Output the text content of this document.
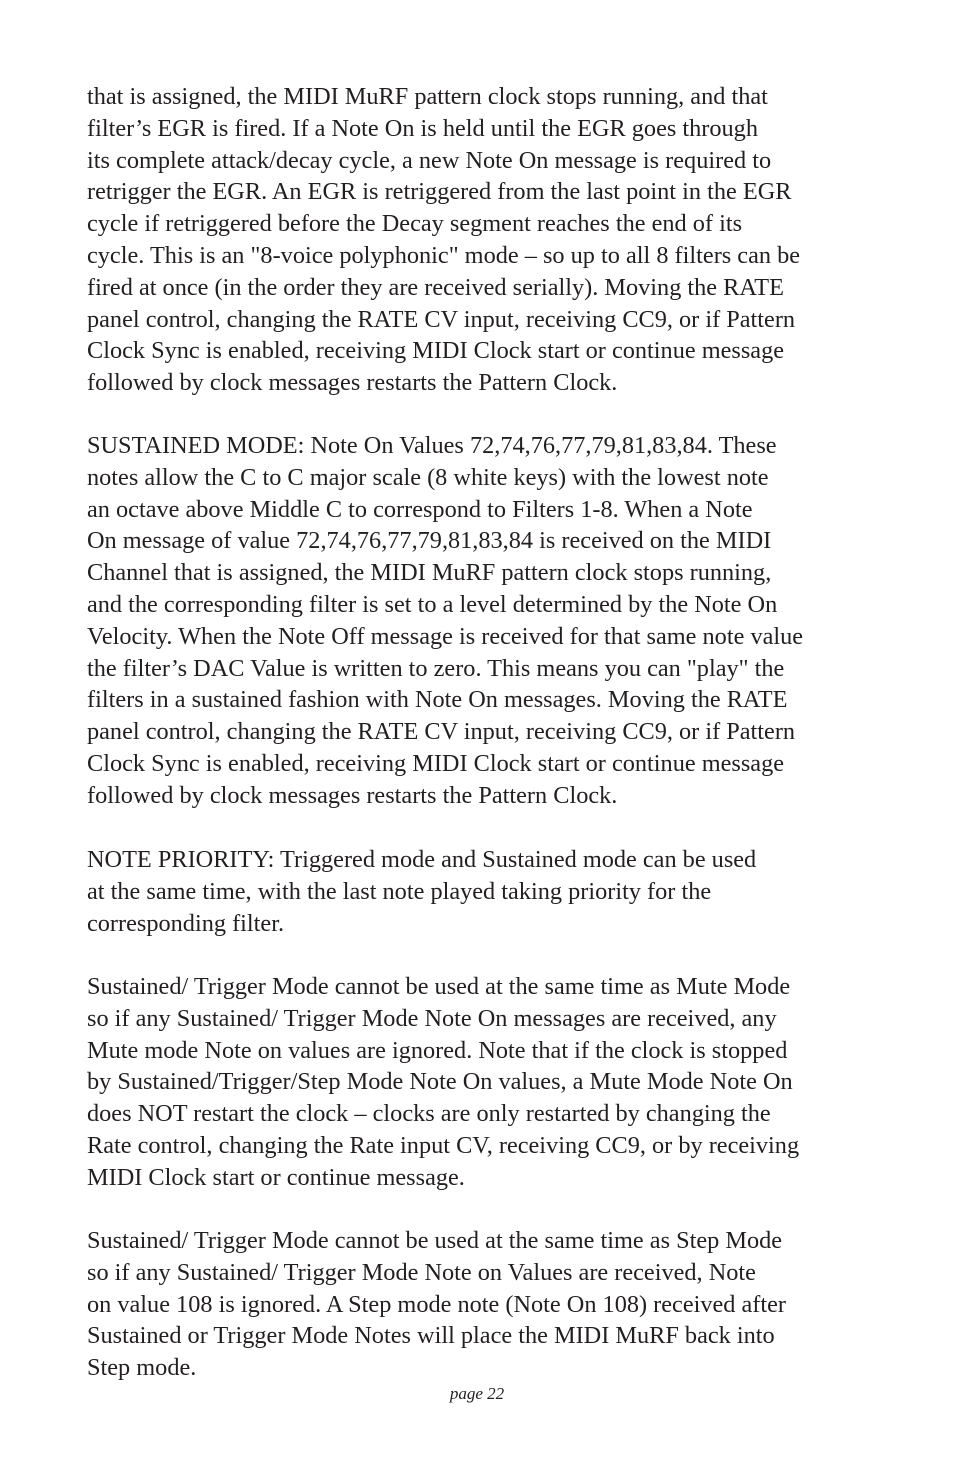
that is assigned, the MIDI MuRF pattern clock stops running, and that
filter’s EGR is fired. If a Note On is held until the EGR goes through
its complete attack/decay cycle, a new Note On message is required to
retrigger the EGR. An EGR is retriggered from the last point in the EGR
cycle if retriggered before the Decay segment reaches the end of its
cycle. This is an "8-voice polyphonic" mode – so up to all 8 filters can be
fired at once (in the order they are received serially). Moving the RATE
panel control, changing the RATE CV input, receiving CC9, or if Pattern
Clock Sync is enabled, receiving MIDI Clock start or continue message
followed by clock messages restarts the Pattern Clock.

SUSTAINED MODE: Note On Values 72,74,76,77,79,81,83,84. These
notes allow the C to C major scale (8 white keys) with the lowest note
an octave above Middle C to correspond to Filters 1-8. When a Note
On message of value 72,74,76,77,79,81,83,84 is received on the MIDI
Channel that is assigned, the MIDI MuRF pattern clock stops running,
and the corresponding filter is set to a level determined by the Note On
Velocity. When the Note Off message is received for that same note value
the filter’s DAC Value is written to zero. This means you can "play" the
filters in a sustained fashion with Note On messages. Moving the RATE
panel control, changing the RATE CV input, receiving CC9, or if Pattern
Clock Sync is enabled, receiving MIDI Clock start or continue message
followed by clock messages restarts the Pattern Clock.

NOTE PRIORITY: Triggered mode and Sustained mode can be used
at the same time, with the last note played taking priority for the
corresponding filter.

Sustained/ Trigger Mode cannot be used at the same time as Mute Mode
so if any Sustained/ Trigger Mode Note On messages are received, any
Mute mode Note on values are ignored. Note that if the clock is stopped
by Sustained/Trigger/Step Mode Note On values, a Mute Mode Note On
does NOT restart the clock – clocks are only restarted by changing the
Rate control, changing the Rate input CV, receiving CC9, or by receiving
MIDI Clock start or continue message.

Sustained/ Trigger Mode cannot be used at the same time as Step Mode
so if any Sustained/ Trigger Mode Note on Values are received, Note
on value 108 is ignored. A Step mode note (Note On 108) received after
Sustained or Trigger Mode Notes will place the MIDI MuRF back into
Step mode.

page 22
